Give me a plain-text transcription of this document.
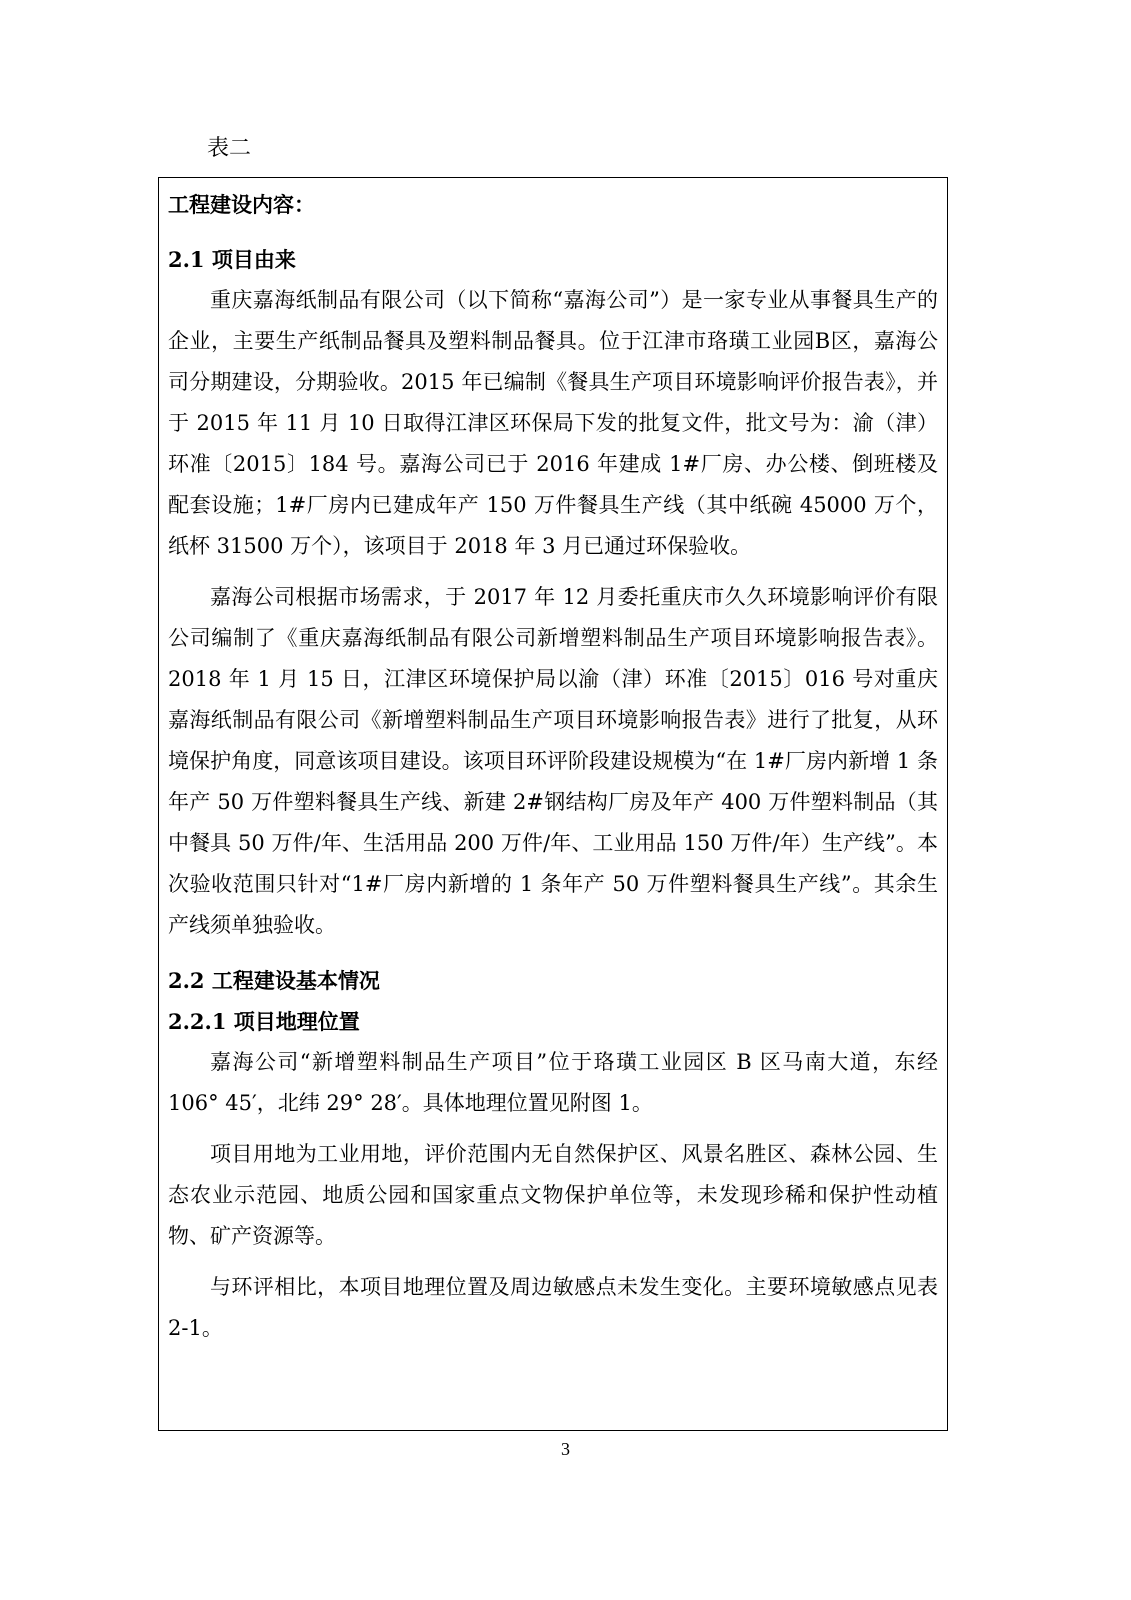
表二

工程建设内容：

2.1 项目由来

重庆嘉海纸制品有限公司（以下简称“嘉海公司”）是一家专业从事餐具生产的企业，主要生产纸制品餐具及塑料制品餐具。位于江津市珞璜工业园B区，嘉海公司分期建设，分期验收。2015 年已编制《餐具生产项目环境影响评价报告表》，并于 2015 年 11 月 10 日取得江津区环保局下发的批复文件，批文号为：渝（津）环准〔2015〕184 号。嘉海公司已于 2016 年建成 1#厂房、办公楼、倒班楼及配套设施；1#厂房内已建成年产 150 万件餐具生产线（其中纸碗 45000 万个，纸杯 31500 万个），该项目于 2018 年 3 月已通过环保验收。

嘉海公司根据市场需求，于 2017 年 12 月委托重庆市久久环境影响评价有限公司编制了《重庆嘉海纸制品有限公司新增塑料制品生产项目环境影响报告表》。2018 年 1 月 15 日，江津区环境保护局以渝（津）环准〔2015〕016 号对重庆嘉海纸制品有限公司《新增塑料制品生产项目环境影响报告表》进行了批复，从环境保护角度，同意该项目建设。该项目环评阶段建设规模为“在 1#厂房内新增 1 条年产 50 万件塑料餐具生产线、新建 2#钢结构厂房及年产 400 万件塑料制品（其中餐具 50 万件/年、生活用品 200 万件/年、工业用品 150 万件/年）生产线”。本次验收范围只针对“1#厂房内新增的 1 条年产 50 万件塑料餐具生产线”。其余生产线须单独验收。

2.2 工程建设基本情况

2.2.1 项目地理位置

嘉海公司“新增塑料制品生产项目”位于珞璜工业园区 B 区马南大道，东经 106° 45′，北纬 29° 28′。具体地理位置见附图 1。

项目用地为工业用地，评价范围内无自然保护区、风景名胜区、森林公园、生态农业示范园、地质公园和国家重点文物保护单位等，未发现珍稀和保护性动植物、矿产资源等。

与环评相比，本项目地理位置及周边敏感点未发生变化。主要环境敏感点见表 2-1。

3
